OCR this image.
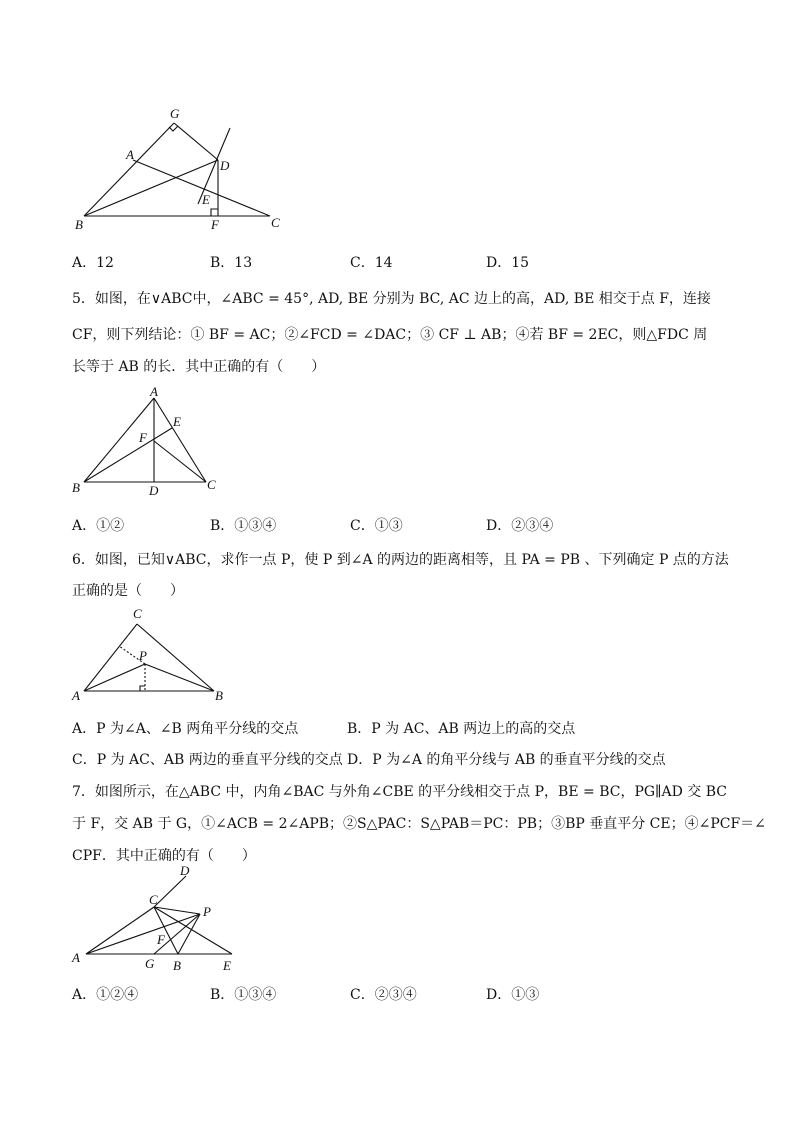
G
A
D
E
B	F	C
A．12	B．13	C．14	D．15
5．如图，在∨ABC中，∠ABC = 45°, AD, BE 分别为 BC, AC 边上的高，AD, BE 相交于点 F，连接
CF，则下列结论：① BF = AC；②∠FCD = ∠DAC；③ CF ⊥ AB；④若 BF = 2EC，则△FDC 周
长等于 AB 的长．其中正确的有（　　）
A
E
F
B	D	C
A．①②	B．①③④	C．①③	D．②③④
6．如图，已知∨ABC，求作一点 P，使 P 到∠A 的两边的距离相等，且 PA = PB 、下列确定 P 点的方法
正确的是（　　）
C
P
A	B
A．P 为∠A、∠B 两角平分线的交点	B．P 为 AC、AB 两边上的高的交点
C．P 为 AC、AB 两边的垂直平分线的交点 D．P 为∠A 的角平分线与 AB 的垂直平分线的交点
7．如图所示，在△ABC 中，内角∠BAC 与外角∠CBE 的平分线相交于点 P，BE = BC，PG∥AD 交 BC
于 F，交 AB 于 G，①∠ACB = 2∠APB；②S△PAC：S△PAB＝PC：PB；③BP 垂直平分 CE；④∠PCF＝∠
CPF．其中正确的有（　　）
D
C
P
F
A	G B	E
A．①②④	B．①③④	C．②③④	D．①③
